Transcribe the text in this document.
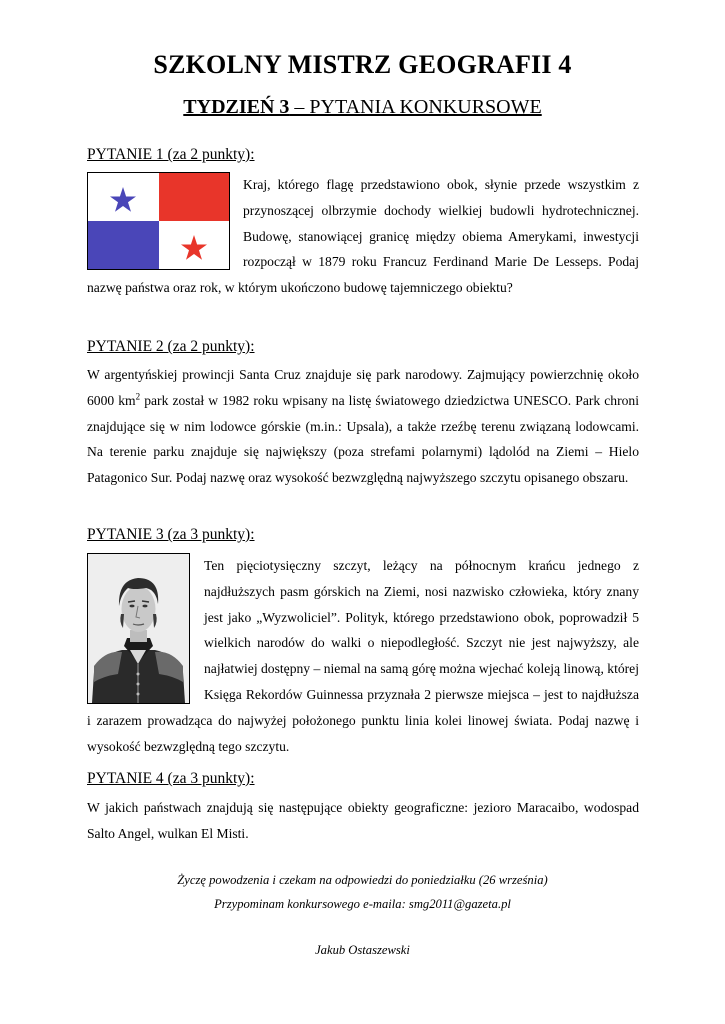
SZKOLNY MISTRZ GEOGRAFII 4
TYDZIEŃ 3 – PYTANIA KONKURSOWE
PYTANIE 1 (za 2 punkty):

Kraj, którego flagę przedstawiono obok, słynie przede wszystkim z przynoszącej olbrzymie dochody wielkiej budowli hydrotechnicznej. Budowę, stanowiącej granicę między obiema Amerykami, inwestycji rozpoczął w 1879 roku Francuz Ferdinand Marie De Lesseps. Podaj nazwę państwa oraz rok, w którym ukończono budowę tajemniczego obiektu?

PYTANIE 2 (za 2 punkty):

W argentyńskiej prowincji Santa Cruz znajduje się park narodowy. Zajmujący powierzchnię około 6000 $km^2$ park został w 1982 roku wpisany na listę światowego dziedzictwa UNESCO. Park chroni znajdujące się w nim lodowce górskie (m.in.: Upsala), a także rzeźbę terenu związaną lodowcami. Na terenie parku znajduje się największy (poza strefami polarnymi) lądolód na Ziemi – Hielo Patagonico Sur. Podaj nazwę oraz wysokość bezwzględną najwyższego szczytu opisanego obszaru.

PYTANIE 3 (za 3 punkty):

Ten pięciotysięczny szczyt, leżący na północnym krańcu jednego z najdłuższych pasm górskich na Ziemi, nosi nazwisko człowieka, który znany jest jako „Wyzwoliciel”. Polityk, którego przedstawiono obok, poprowadził 5 wielkich narodów do walki o niepodległość. Szczyt nie jest najwyższy, ale najłatwiej dostępny – niemal na samą górę można wjechać koleją linową, której Księga Rekordów Guinnessa przyznała 2 pierwsze miejsca – jest to najdłuższa i zarazem prowadząca do najwyżej położonego punktu linia kolei linowej świata. Podaj nazwę i wysokość bezwzględną tego szczytu.

PYTANIE 4 (za 3 punkty):

W jakich państwach znajdują się następujące obiekty geograficzne: jezioro Maracaibo, wodospad Salto Angel, wulkan El Misti.

Życzę powodzenia i czekam na odpowiedzi do poniedziałku (26 września)
Przypominam konkursowego e-maila: smg2011@gazeta.pl
Jakub Ostaszewski
